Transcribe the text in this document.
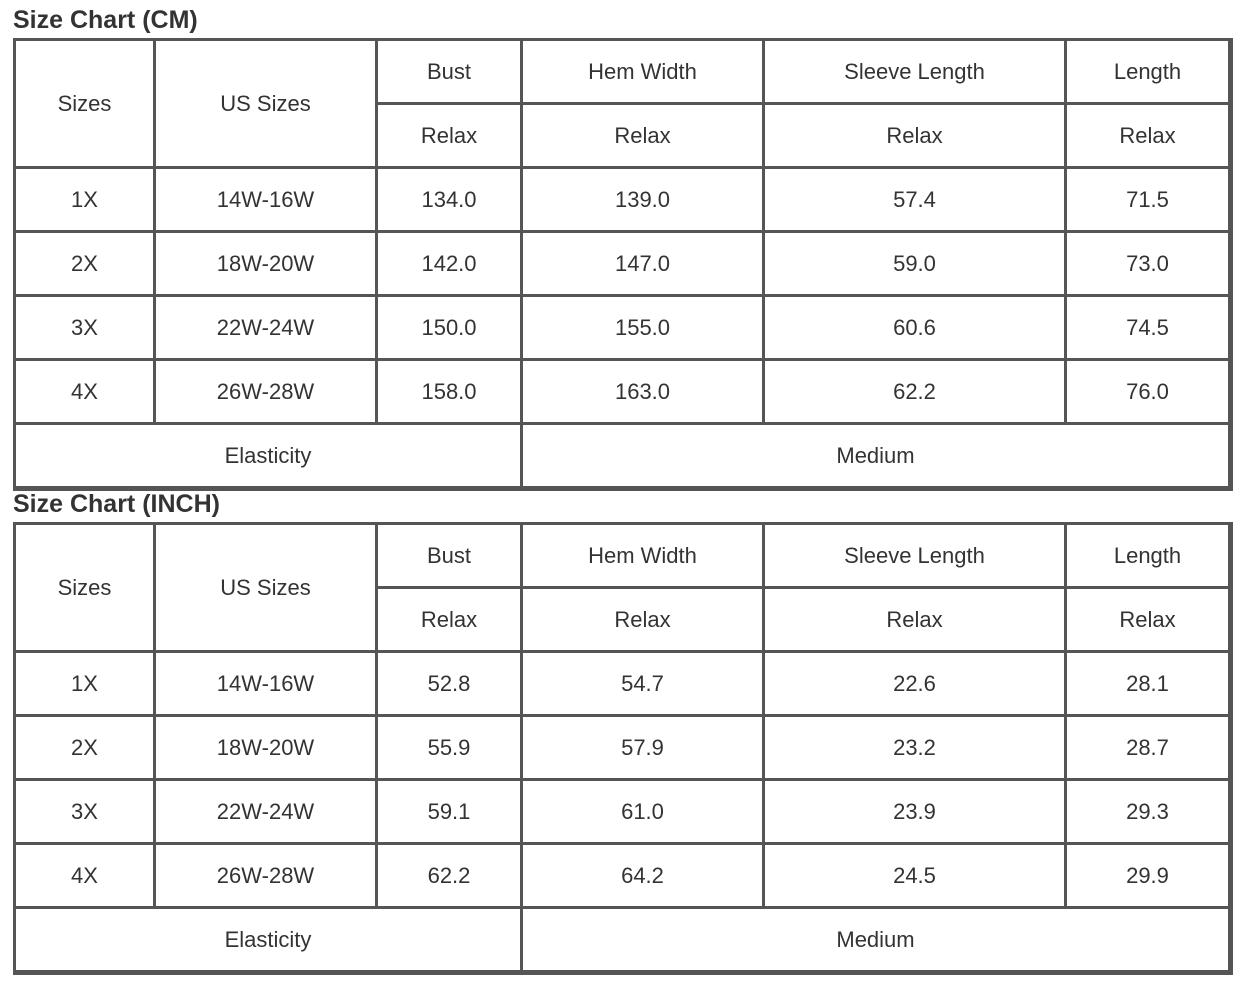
Size Chart (CM)
Sizes	US Sizes	Bust	Hem Width	Sleeve Length	Length
		Relax	Relax	Relax	Relax
1X	14W-16W	134.0	139.0	57.4	71.5
2X	18W-20W	142.0	147.0	59.0	73.0
3X	22W-24W	150.0	155.0	60.6	74.5
4X	26W-28W	158.0	163.0	62.2	76.0
Elasticity			Medium		
Size Chart (INCH)
Sizes	US Sizes	Bust	Hem Width	Sleeve Length	Length
		Relax	Relax	Relax	Relax
1X	14W-16W	52.8	54.7	22.6	28.1
2X	18W-20W	55.9	57.9	23.2	28.7
3X	22W-24W	59.1	61.0	23.9	29.3
4X	26W-28W	62.2	64.2	24.5	29.9
Elasticity			Medium		
